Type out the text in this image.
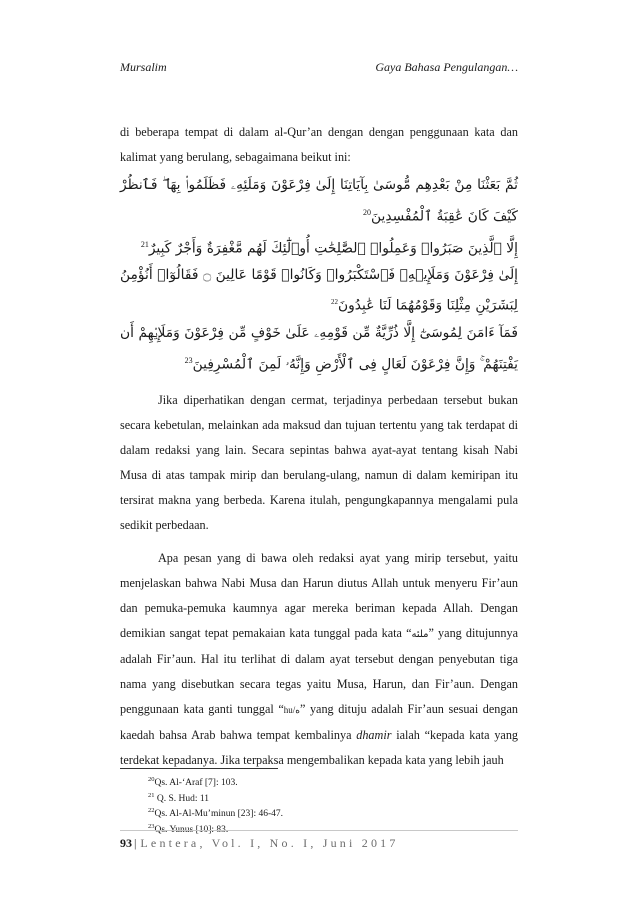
Mursalim	Gaya Bahasa Pengulangan…

di beberapa tempat di dalam al-Qur’an dengan dengan penggunaan kata dan kalimat yang berulang, sebagaimana beikut ini:

ثُمَّ بَعَثْنَا مِنْ بَعْدِهِم مُّوسَىٰ بِآيَاتِنَا إِلَىٰ فِرْعَوْنَ وَمَلَئِهِۦ فَظَلَمُوا۟ بِهَا ۖ فَٱنظُرْ كَيْفَ كَانَ عَٰقِبَةُ ٱلْمُفْسِدِينَ$^{20}$

إِلَّا ٱلَّذِينَ صَبَرُوا۟ وَعَمِلُوا۟ ٱلصَّٰلِحَٰتِ أُو۟لَٰٓئِكَ لَهُم مَّغْفِرَةٌ وَأَجْرٌ كَبِيرٌ$^{21}$

إِلَىٰ فِرْعَوْنَ وَمَلَإِي۟هِۦ فَٱسْتَكْبَرُوا۟ وَكَانُوا۟ قَوْمًا عَالِينَ ۝ فَقَالُوٓا۟ أَنُؤْمِنُ لِبَشَرَيْنِ مِثْلِنَا وَقَوْمُهُمَا لَنَا عَٰبِدُونَ$^{22}$

فَمَآ ءَامَنَ لِمُوسَىٰٓ إِلَّا ذُرِّيَّةٌ مِّن قَوْمِهِۦ عَلَىٰ خَوْفٍ مِّن فِرْعَوْنَ وَمَلَإِي۟هِمْ أَن يَفْتِنَهُمْ ۚ وَإِنَّ فِرْعَوْنَ لَعَالٍ فِى ٱلْأَرْضِ وَإِنَّهُۥ لَمِنَ ٱلْمُسْرِفِينَ$^{23}$

Jika diperhatikan dengan cermat, terjadinya perbedaan tersebut bukan secara kebetulan, melainkan ada maksud dan tujuan tertentu yang tak terdapat di dalam redaksi yang lain. Secara sepintas bahwa ayat-ayat tentang kisah Nabi Musa di atas tampak mirip dan berulang-ulang, namun di dalam kemiripan itu tersirat makna yang berbeda. Karena itulah, pengungkapannya mengalami pula sedikit perbedaan.

Apa pesan yang di bawa oleh redaksi ayat yang mirip tersebut, yaitu menjelaskan bahwa Nabi Musa dan Harun diutus Allah untuk menyeru Fir’aun dan pemuka-pemuka kaumnya agar mereka beriman kepada Allah. Dengan demikian sangat tepat pemakaian kata tunggal pada kata “ملئه” yang ditujunnya adalah Fir’aun. Hal itu terlihat di dalam ayat tersebut dengan penyebutan tiga nama yang disebutkan secara tegas yaitu Musa, Harun, dan Fir’aun. Dengan penggunaan kata ganti tunggal “hu/ه” yang dituju adalah Fir’aun sesuai dengan kaedah bahsa Arab bahwa tempat kembalinya dhamir ialah “kepada kata yang terdekat kepadanya. Jika terpaksa mengembalikan kepada kata yang lebih jauh

$^{20}$Qs. Al-‘Araf [7]: 103.
$^{21}$ Q. S. Hud: 11
$^{22}$Qs. Al-Al-Mu’minun [23]: 46-47.
$^{23}$Qs. Yunus [10]: 83.
93 | Lentera, Vol. I, No. I, Juni 2017
